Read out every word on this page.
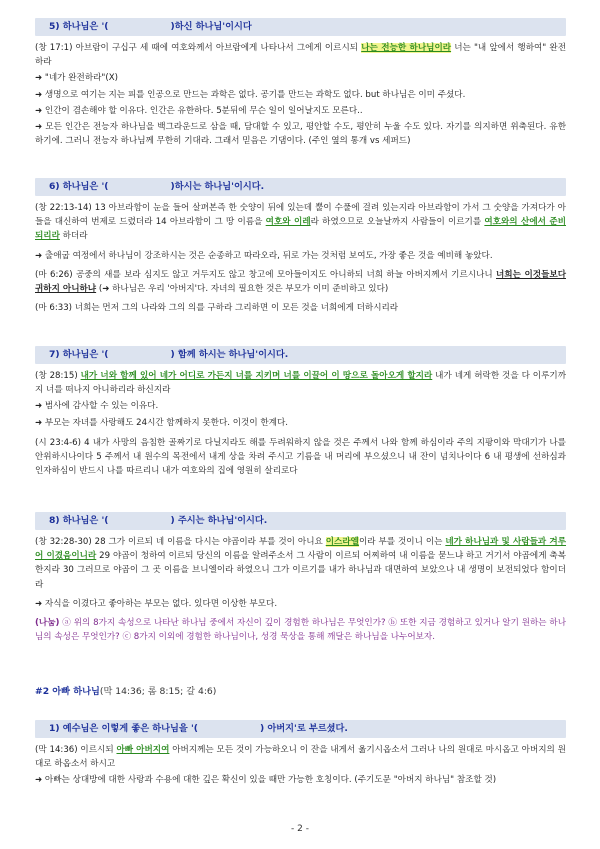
5) 하나님은 '(	)하신 하나님'이시다

(창 17:1) 아브람이 구십구 세 때에 여호와께서 아브람에게 나타나서 그에게 이르시되 나는 전능한 하나님이라 너는 "내 앞에서 행하여" 완전하라

➜ "네가 완전하라"(X)

➜ 생명으로 여기는 지는 피를 인공으로 만드는 과학은 없다. 공기를 만드는 과학도 없다. but 하나님은 이미 주셨다.

➜ 인간이 겸손해야 할 이유다. 인간은 유한하다. 5분뒤에 무슨 일이 일어날지도 모른다..

➜ 모든 인간은 전능자 하나님을 백그라운드로 삼을 때, 담대할 수 있고, 평안할 수도, 평안히 누울 수도 있다. 자기를 의지하면 위축된다. 유한하기에. 그러니 전능자 하나님께 무한히 기대라. 그래서 믿음은 기댐이다. (주인 옆의 통개 vs 세퍼드)

6) 하나님은 '(	)하시는 하나님'이시다.

(창 22:13-14) 13 아브라함이 눈을 들어 살펴본즉 한 숫양이 뒤에 있는데 뿔이 수풀에 걸려 있는지라 아브라함이 가서 그 숫양을 가져다가 아들을 대신하여 번제로 드렸더라 14 아브라함이 그 땅 이름을 여호와 이레라 하였으므로 오늘날까지 사람들이 이르기를 여호와의 산에서 준비되리라 하더라

➜ 출애굽 여정에서 하나님이 강조하시는 것은 순종하고 따라오라, 뒤로 가는 것처럼 보여도, 가장 좋은 것을 예비해 놓았다.

(마 6:26) 공중의 새를 보라 심지도 않고 거두지도 않고 창고에 모아들이지도 아니하되 너희 하늘 아버지께서 기르시나니 너희는 이것들보다 귀하지 아니하냐 (➜ 하나님은 우리 '아버지'다. 자녀의 필요한 것은 부모가 이미 준비하고 있다)

(마 6:33) 너희는 먼저 그의 나라와 그의 의를 구하라 그리하면 이 모든 것을 너희에게 더하시리라

7) 하나님은 '(	) 함께 하시는 하나님'이시다.

(창 28:15) 내가 너와 함께 있어 네가 어디로 가든지 너를 지키며 너를 이끌어 이 땅으로 돌아오게 할지라 내가 네게 허락한 것을 다 이루기까지 너를 떠나지 아니하리라 하신지라

➜ 범사에 감사할 수 있는 이유다.

➜ 부모는 자녀를 사랑해도 24시간 함께하지 못한다. 이것이 한계다.

(시 23:4-6) 4 내가 사망의 음침한 골짜기로 다닐지라도 해를 두려워하지 않을 것은 주께서 나와 함께 하심이라 주의 지팡이와 막대기가 나를 안위하시나이다 5 주께서 내 원수의 목전에서 내게 상을 차려 주시고 기름을 내 머리에 부으셨으니 내 잔이 넘치나이다 6 내 평생에 선하심과 인자하심이 반드시 나를 따르리니 내가 여호와의 집에 영원히 살리로다

8) 하나님은 '(	) 주시는 하나님'이시다.

(창 32:28-30) 28 그가 이르되 네 이름을 다시는 야곱이라 부를 것이 아니요 이스라엘이라 부를 것이니 이는 네가 하나님과 및 사람들과 겨루어 이겼음이니라 29 야곱이 청하여 이르되 당신의 이름을 알려주소서 그 사람이 이르되 어찌하여 내 이름을 묻느냐 하고 거기서 야곱에게 축복한지라 30 그러므로 야곱이 그 곳 이름을 브니엘이라 하였으니 그가 이르기를 내가 하나님과 대면하여 보았으나 내 생명이 보전되었다 함이더라

➜ 자식을 이겼다고 좋아하는 부모는 없다. 있다면 이상한 부모다.

(나눔) ⓐ 위의 8가지 속성으로 나타난 하나님 중에서 자신이 깊이 경험한 하나님은 무엇인가? ⓑ 또한 지금 경험하고 있거나 알기 원하는 하나님의 속성은 무엇인가? ⓒ 8가지 이외에 경험한 하나님이나, 성경 묵상을 통해 깨달은 하나님을 나누어보자.

#2 아빠 하나님(막 14:36; 롬 8:15; 갈 4:6)
1) 예수님은 이렇게 좋은 하나님을 '(	) 아버지'로 부르셨다.

(막 14:36) 이르시되 아빠 아버지여 아버지께는 모든 것이 가능하오니 이 잔을 내게서 옮기시옵소서 그러나 나의 원대로 마시옵고 아버지의 원대로 하옵소서 하시고

➜ 아빠는 상대방에 대한 사랑과 수용에 대한 깊은 확신이 있을 때만 가능한 호칭이다. (주기도문 "아버지 하나님" 참조할 것)

- 2 -
